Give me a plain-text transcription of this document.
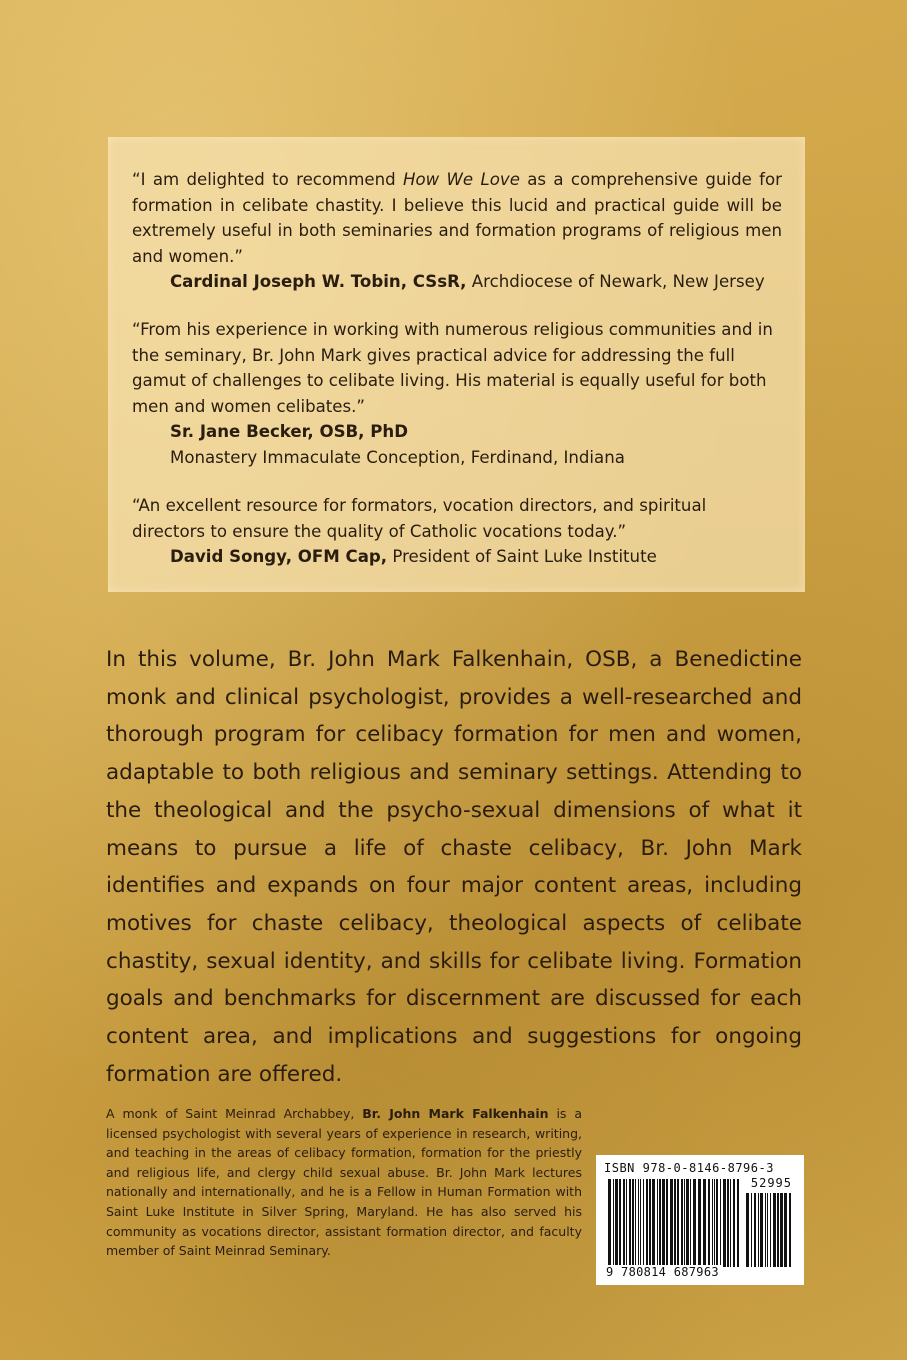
“I am delighted to recommend How We Love as a comprehensive guide for formation in celibate chastity. I believe this lucid and practical guide will be extremely useful in both seminaries and formation programs of religious men and women.”
Cardinal Joseph W. Tobin, CSsR, Archdiocese of Newark, New Jersey

“From his experience in working with numerous religious communities and in the seminary, Br. John Mark gives practical advice for addressing the full gamut of challenges to celibate living. His material is equally useful for both men and women celibates.”
Sr. Jane Becker, OSB, PhD
Monastery Immaculate Conception, Ferdinand, Indiana

“An excellent resource for formators, vocation directors, and spiritual directors to ensure the quality of Catholic vocations today.”
David Songy, OFM Cap, President of Saint Luke Institute

In this volume, Br. John Mark Falkenhain, OSB, a Benedictine monk and clinical psychologist, provides a well-researched and thorough program for celibacy formation for men and women, adaptable to both religious and seminary settings. Attending to the theological and the psycho-sexual dimensions of what it means to pursue a life of chaste celibacy, Br. John Mark identifies and expands on four major content areas, including motives for chaste celibacy, theological aspects of celibate chastity, sexual identity, and skills for celibate living. Formation goals and benchmarks for discernment are discussed for each content area, and implications and suggestions for ongoing formation are offered.

A monk of Saint Meinrad Archabbey, Br. John Mark Falkenhain is a licensed psychologist with several years of experience in research, writing, and teaching in the areas of celibacy formation, formation for the priestly and religious life, and clergy child sexual abuse. Br. John Mark lectures nationally and internationally, and he is a Fellow in Human Formation with Saint Luke Institute in Silver Spring, Maryland. He has also served his community as vocations director, assistant formation director, and faculty member of Saint Meinrad Seminary.

ISBN 978-0-8146-8796-3
52995
9 780814 687963
